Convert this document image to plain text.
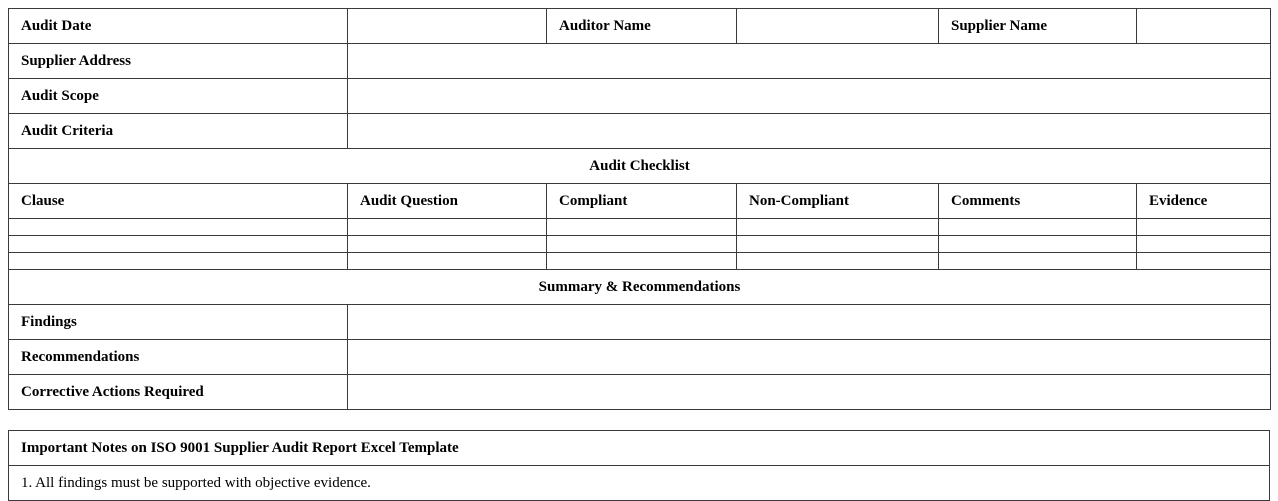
Audit Date		Auditor Name		Supplier Name	
Supplier Address					
Audit Scope					
Audit Criteria					
Audit Checklist					
Clause	Audit Question	Compliant	Non-Compliant	Comments	Evidence

Summary & Recommendations					
Findings					
Recommendations					
Corrective Actions Required					
Important Notes on ISO 9001 Supplier Audit Report Excel Template
1. All findings must be supported with objective evidence.
